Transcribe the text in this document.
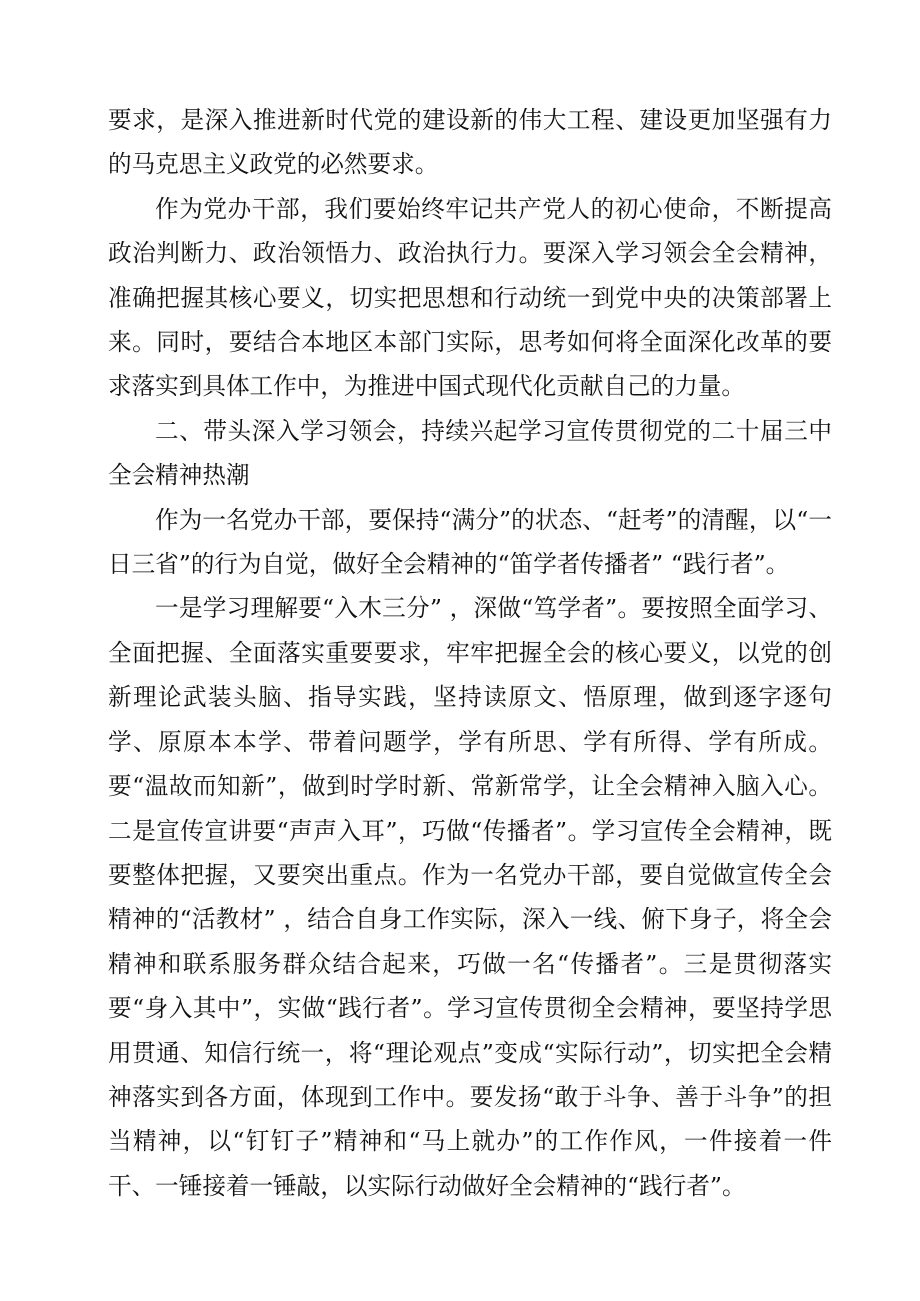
要求，是深入推进新时代党的建设新的伟大工程、建设更加坚强有力的马克思主义政党的必然要求。

作为党办干部，我们要始终牢记共产党人的初心使命，不断提高政治判断力、政治领悟力、政治执行力。要深入学习领会全会精神，准确把握其核心要义，切实把思想和行动统一到党中央的决策部署上来。同时，要结合本地区本部门实际，思考如何将全面深化改革的要求落实到具体工作中，为推进中国式现代化贡献自己的力量。

二、带头深入学习领会，持续兴起学习宣传贯彻党的二十届三中全会精神热潮

作为一名党办干部，要保持“满分”的状态、“赶考”的清醒，以“一日三省”的行为自觉，做好全会精神的“笛学者传播者” “践行者”。

一是学习理解要“入木三分” ，深做“笃学者”。要按照全面学习、全面把握、全面落实重要要求，牢牢把握全会的核心要义，以党的创新理论武装头脑、指导实践，坚持读原文、悟原理，做到逐字逐句学、原原本本学、带着问题学，学有所思、学有所得、学有所成。要“温故而知新”，做到时学时新、常新常学，让全会精神入脑入心。二是宣传宣讲要“声声入耳”，巧做“传播者”。学习宣传全会精神，既要整体把握，又要突出重点。作为一名党办干部，要自觉做宣传全会精神的“活教材” ，结合自身工作实际，深入一线、俯下身子，将全会精神和联系服务群众结合起来，巧做一名“传播者”。三是贯彻落实要“身入其中”，实做“践行者”。学习宣传贯彻全会精神，要坚持学思用贯通、知信行统一，将“理论观点”变成“实际行动”，切实把全会精神落实到各方面，体现到工作中。要发扬“敢于斗争、善于斗争”的担当精神，以“钉钉子”精神和“马上就办”的工作作风，一件接着一件干、一锤接着一锤敲，以实际行动做好全会精神的“践行者”。
